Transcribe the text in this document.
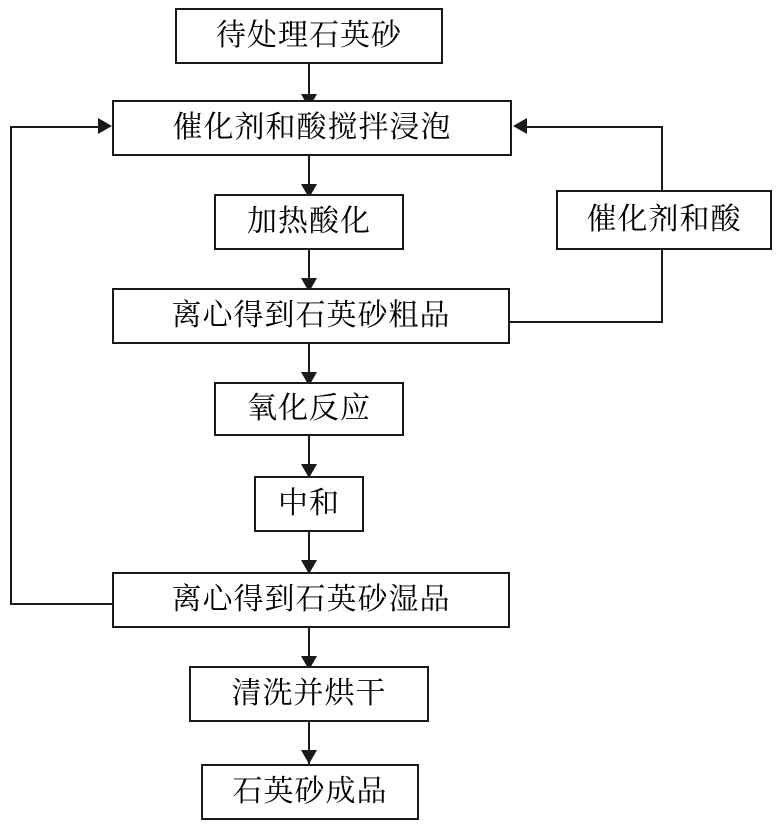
待处理石英砂
催化剂和酸搅拌浸泡
加热酸化
离心得到石英砂粗品
氧化反应
中和
离心得到石英砂湿品
清洗并烘干
石英砂成品
催化剂和酸
